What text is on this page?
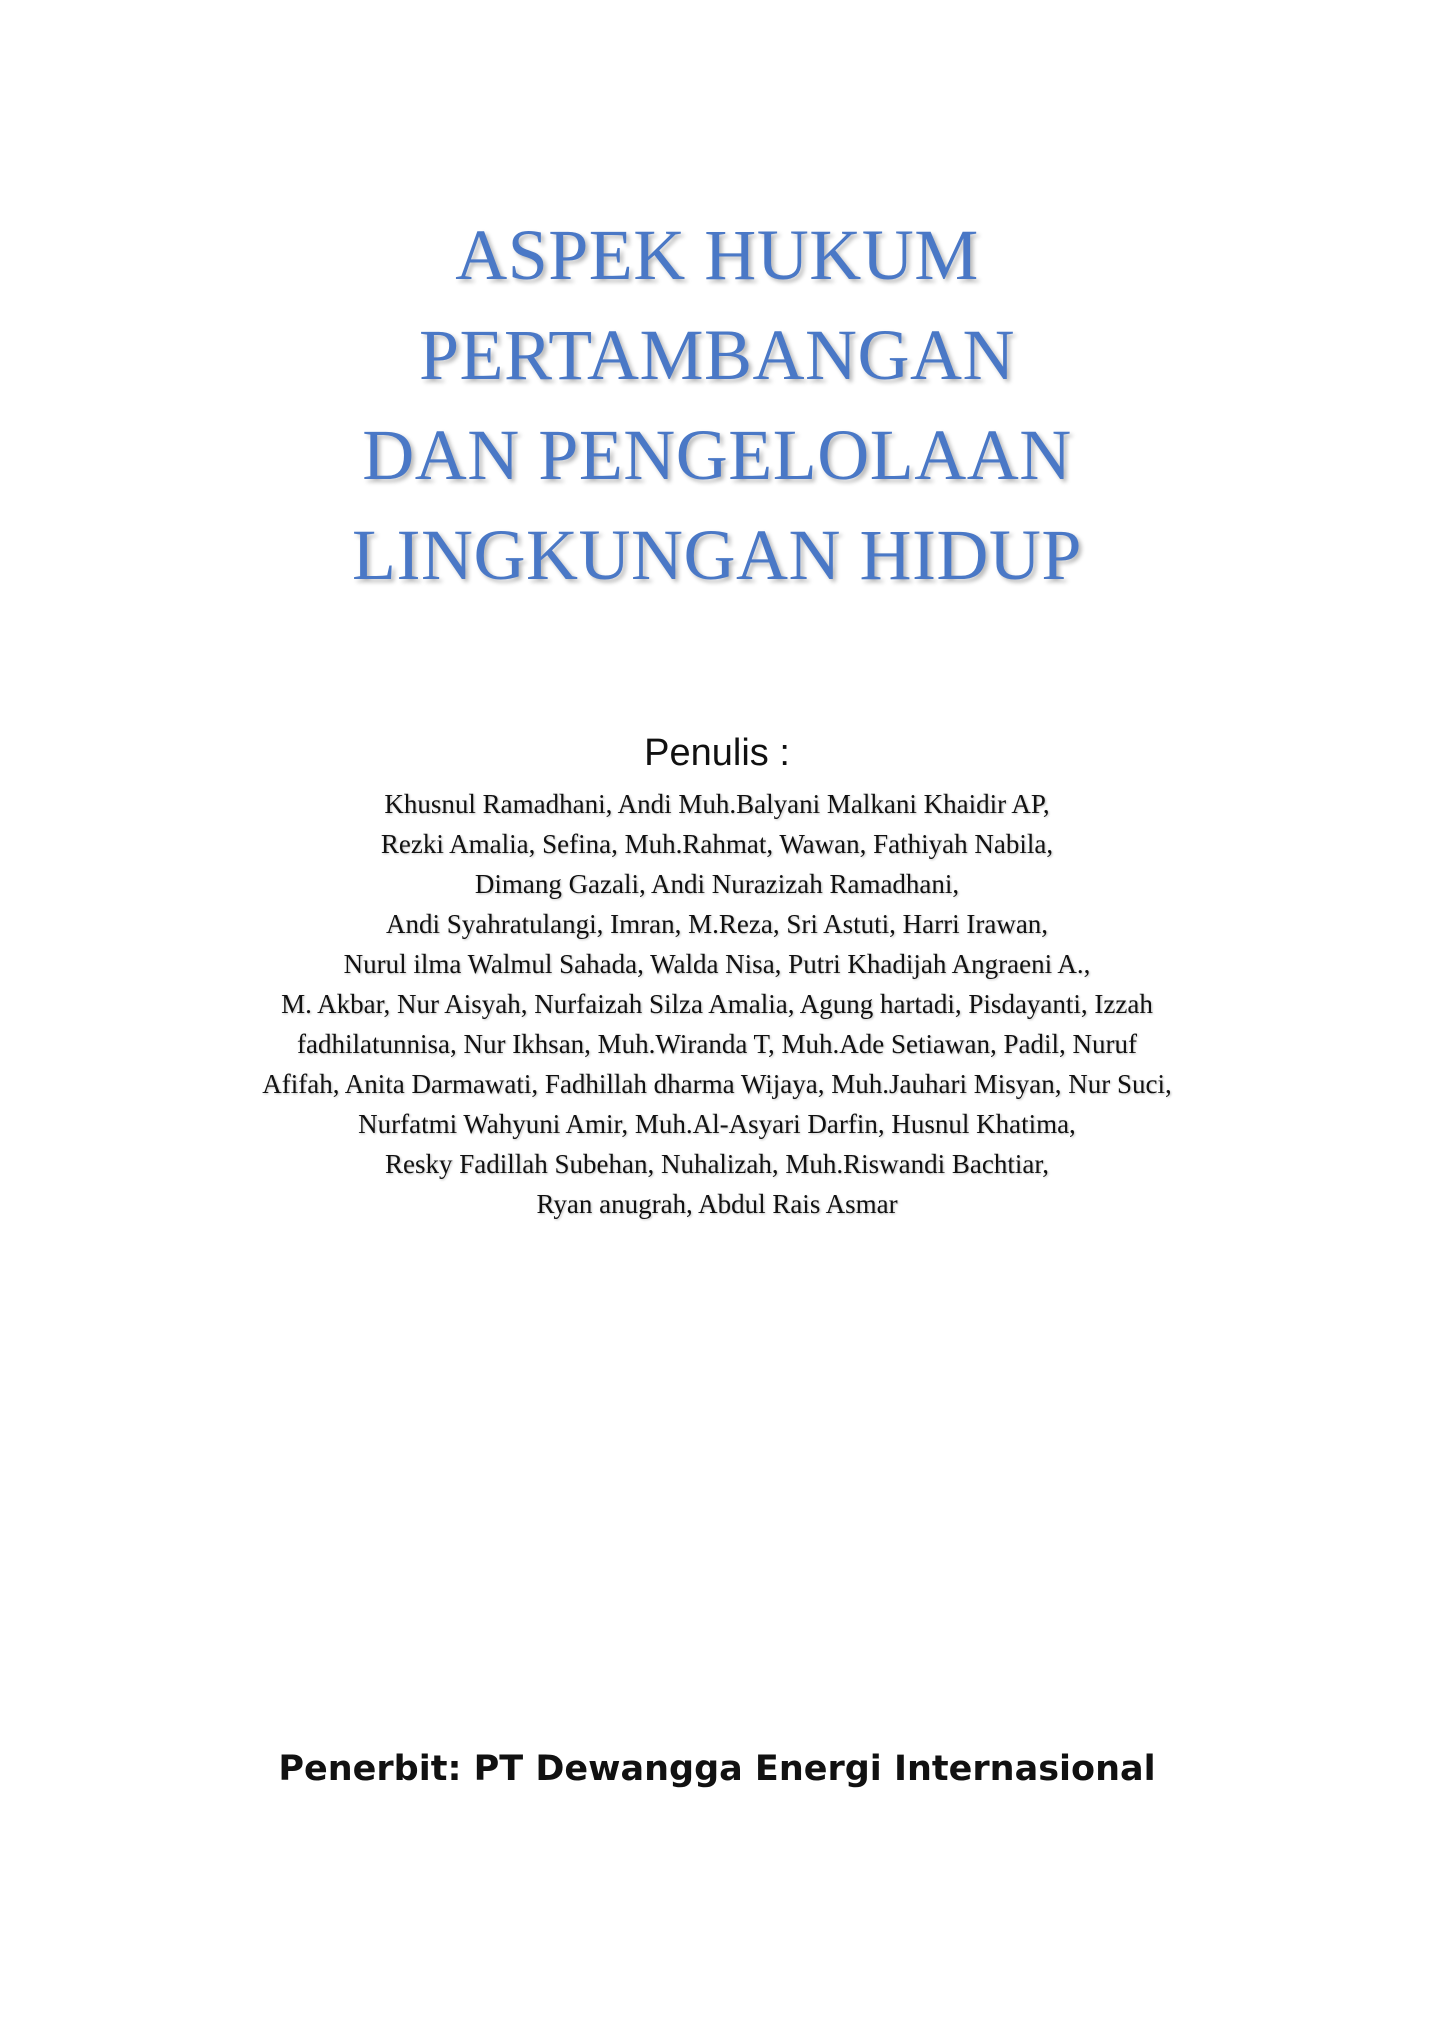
ASPEK HUKUM
PERTAMBANGAN
DAN PENGELOLAAN
LINGKUNGAN HIDUP
Penulis :
Khusnul Ramadhani, Andi Muh.Balyani Malkani Khaidir AP,
Rezki Amalia, Sefina, Muh.Rahmat, Wawan, Fathiyah Nabila,
Dimang Gazali, Andi Nurazizah Ramadhani,
Andi Syahratulangi, Imran, M.Reza, Sri Astuti, Harri Irawan,
Nurul ilma Walmul Sahada, Walda Nisa, Putri Khadijah Angraeni A.,
M. Akbar, Nur Aisyah, Nurfaizah Silza Amalia, Agung hartadi, Pisdayanti, Izzah
fadhilatunnisa, Nur Ikhsan, Muh.Wiranda T, Muh.Ade Setiawan, Padil, Nuruf
Afifah, Anita Darmawati, Fadhillah dharma Wijaya, Muh.Jauhari Misyan, Nur Suci,
Nurfatmi Wahyuni Amir, Muh.Al-Asyari Darfin, Husnul Khatima,
Resky Fadillah Subehan, Nuhalizah, Muh.Riswandi Bachtiar,
Ryan anugrah, Abdul Rais Asmar
Penerbit: PT Dewangga Energi Internasional
